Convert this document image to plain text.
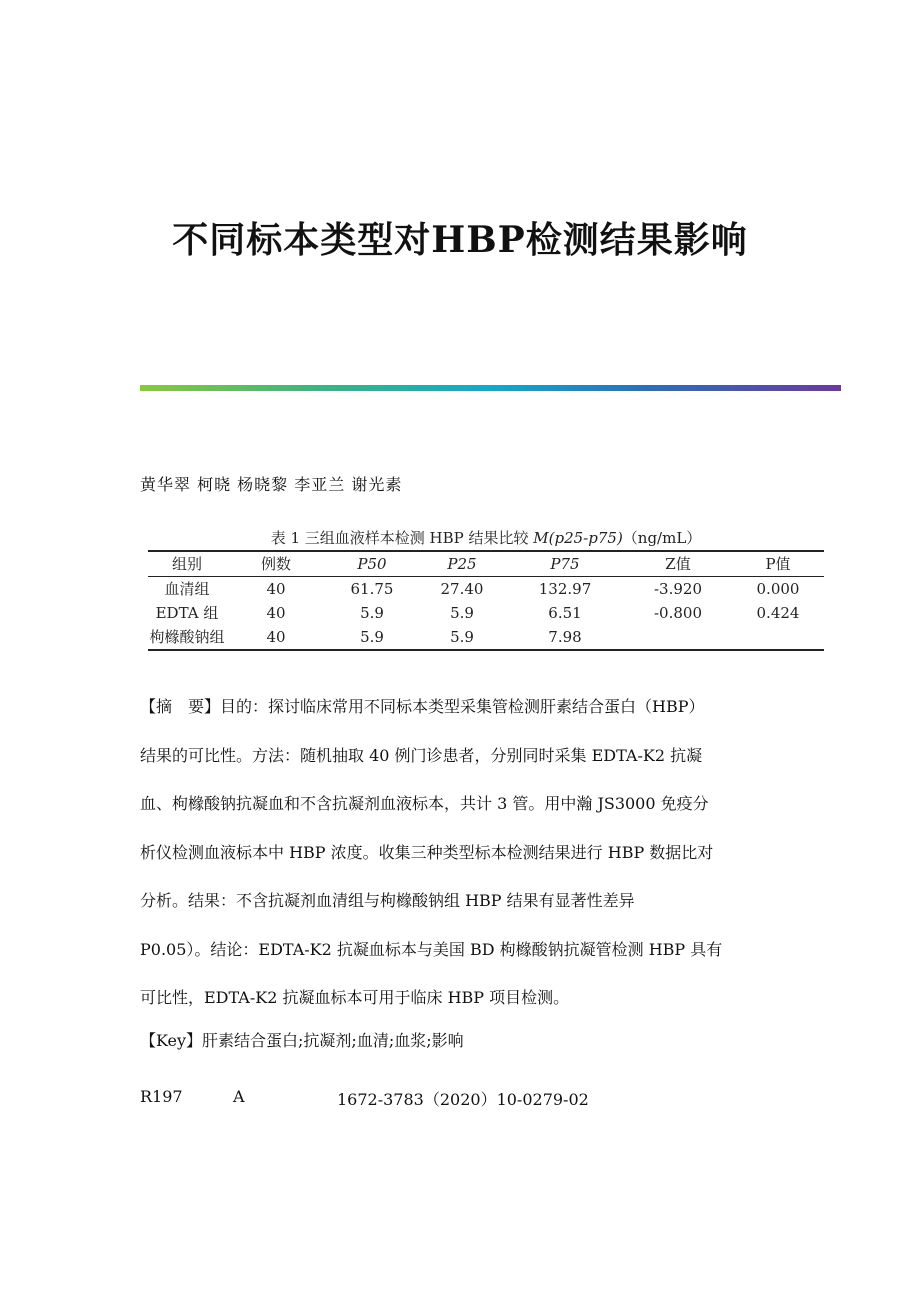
不同标本类型对HBP检测结果影响
黄华翠 柯晓 杨晓黎 李亚兰 谢光素
表 1 三组血液样本检测 HBP 结果比较 M(p25-p75)（ng/mL）
组别	例数	P50	P25	P75	Z值	P值
血清组	40	61.75	27.40	132.97	-3.920	0.000
EDTA 组	40	5.9	5.9	6.51	-0.800	0.424
枸橼酸钠组	40	5.9	5.9	7.98		
【摘　要】目的：探讨临床常用不同标本类型采集管检测肝素结合蛋白（HBP）
结果的可比性。方法：随机抽取 40 例门诊患者，分别同时采集 EDTA-K2 抗凝
血、枸橼酸钠抗凝血和不含抗凝剂血液标本，共计 3 管。用中瀚 JS3000 免疫分
析仪检测血液标本中 HBP 浓度。收集三种类型标本检测结果进行 HBP 数据比对
分析。结果：不含抗凝剂血清组与枸橼酸钠组 HBP 结果有显著性差异
P0.05）。结论：EDTA-K2 抗凝血标本与美国 BD 枸橼酸钠抗凝管检测 HBP 具有
可比性，EDTA-K2 抗凝血标本可用于临床 HBP 项目检测。
【Key】肝素结合蛋白;抗凝剂;血清;血浆;影响
R197	A	1672-3783（2020）10-0279-02
